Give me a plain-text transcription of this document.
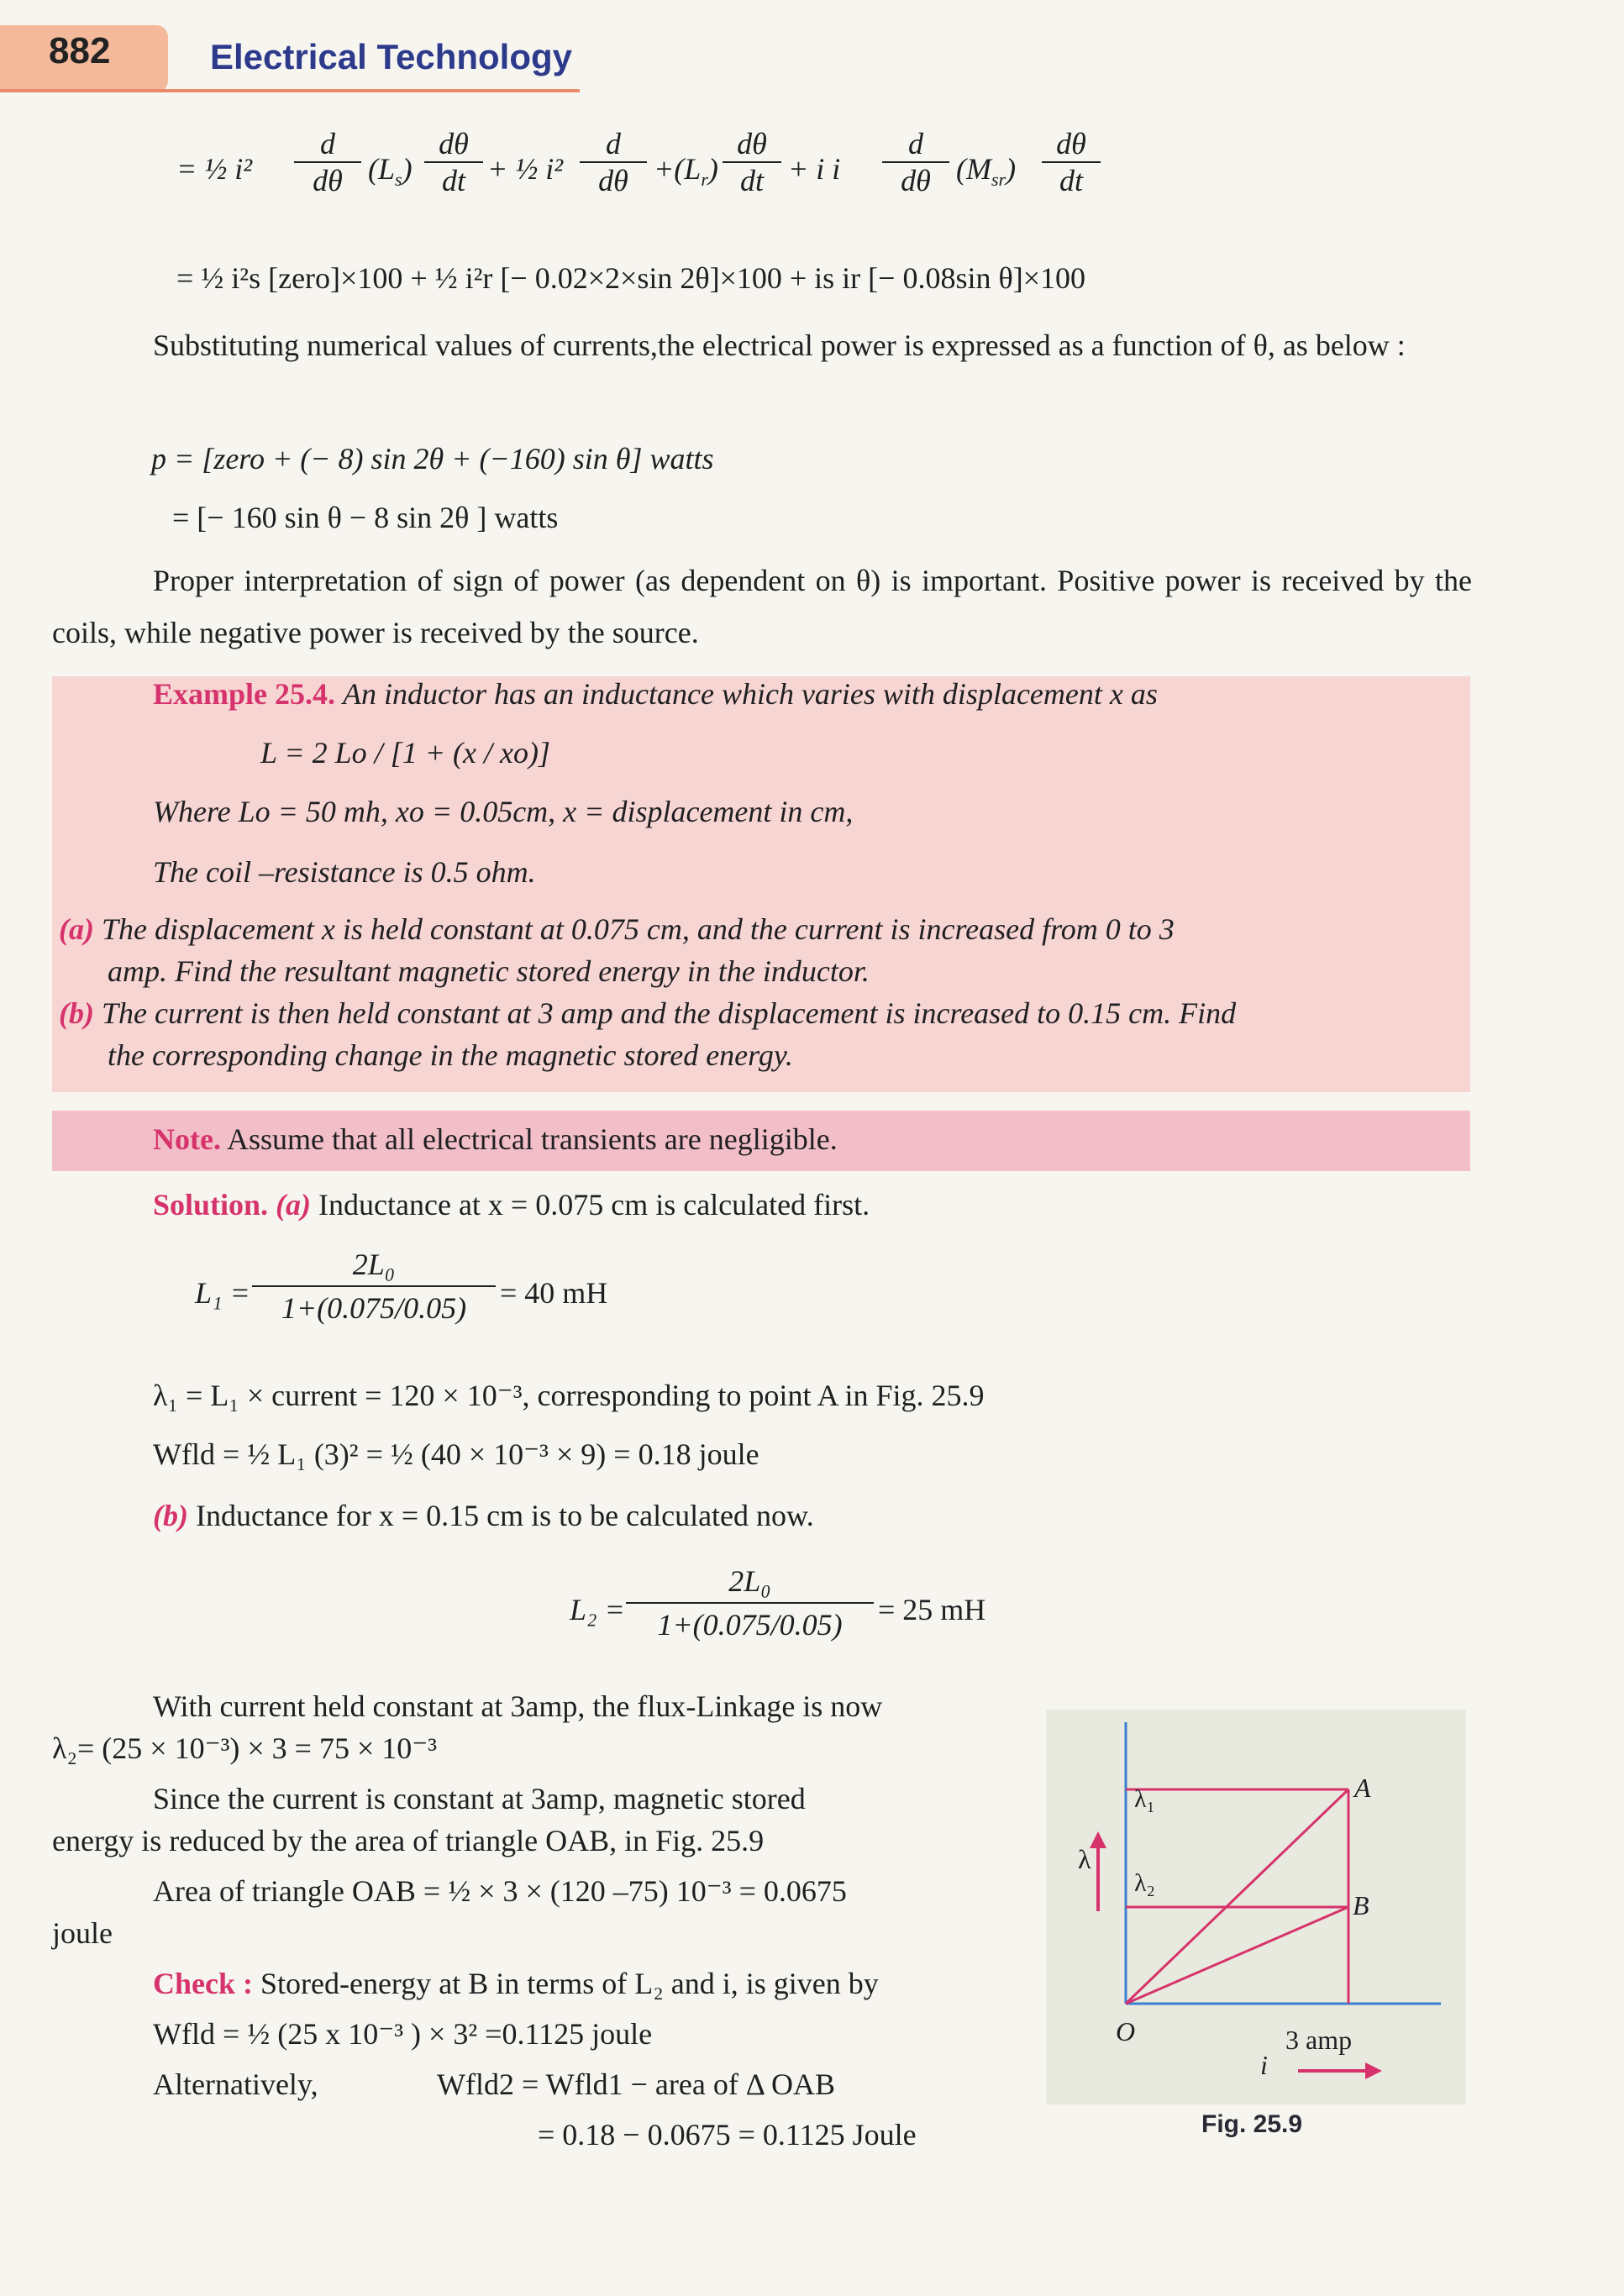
882	Electrical Technology
= ½ i²
d
dθ $(L_s)$
dθ
dt + ½ i²
d
$d\theta +(L_r)$
dθ
dt + i i
d
dθ $(M_{sr})$
dθ
dt
= ½ i²s [zero]×100 + ½ i²r [− 0.02×2×sin 2θ]×100 + is ir [− 0.08sin θ]×100
Substituting numerical values of currents,the electrical power is expressed as a function of θ, as below :
p = [zero + (− 8) sin 2θ + (−160) sin θ] watts
= [− 160 sin θ − 8 sin 2θ ] watts
Proper interpretation of sign of power (as dependent on θ) is important. Positive power is received by the coils, while negative power is received by the source.
Example 25.4. An inductor has an inductance which varies with displacement x as
L = 2 Lo / [1 + (x / xo)]
Where Lo = 50 mh, xo = 0.05cm, x = displacement in cm,
The coil –resistance is 0.5 ohm.
(a) The displacement x is held constant at 0.075 cm, and the current is increased from 0 to 3
amp. Find the resultant magnetic stored energy in the inductor.
(b) The current is then held constant at 3 amp and the displacement is increased to 0.15 cm. Find
the corresponding change in the magnetic stored energy.
Note. Assume that all electrical transients are negligible.
Solution. (a) Inductance at x = 0.075 cm is calculated first.
L₁ =
2L₀
1+(0.075/0.05)	= 40 mH
λ₁ = L₁ × current = 120 × 10⁻³, corresponding to point A in Fig. 25.9
Wfld = ½ L₁ (3)² = ½ (40 × 10⁻³ × 9) = 0.18 joule
(b) Inductance for x = 0.15 cm is to be calculated now.
L₂ =
2L₀
1+(0.075/0.05)	= 25 mH
With current held constant at 3amp, the flux-Linkage is now
λ₂= (25 × 10⁻³) × 3 = 75 × 10⁻³
Since the current is constant at 3amp, magnetic stored
energy is reduced by the area of triangle OAB, in Fig. 25.9
Area of triangle OAB = ½ × 3 × (120 –75) 10⁻³ = 0.0675
joule
Check : Stored-energy at B in terms of L₂ and i, is given by
Wfld = ½ (25 x 10⁻³ ) × 3² =0.1125 joule
Alternatively,	Wfld2 = Wfld1 − area of Δ OAB
= 0.18 − 0.0675 = 0.1125 Joule
λ
λ₁
λ₂
A
B
O	3 amp
i
Fig. 25.9
